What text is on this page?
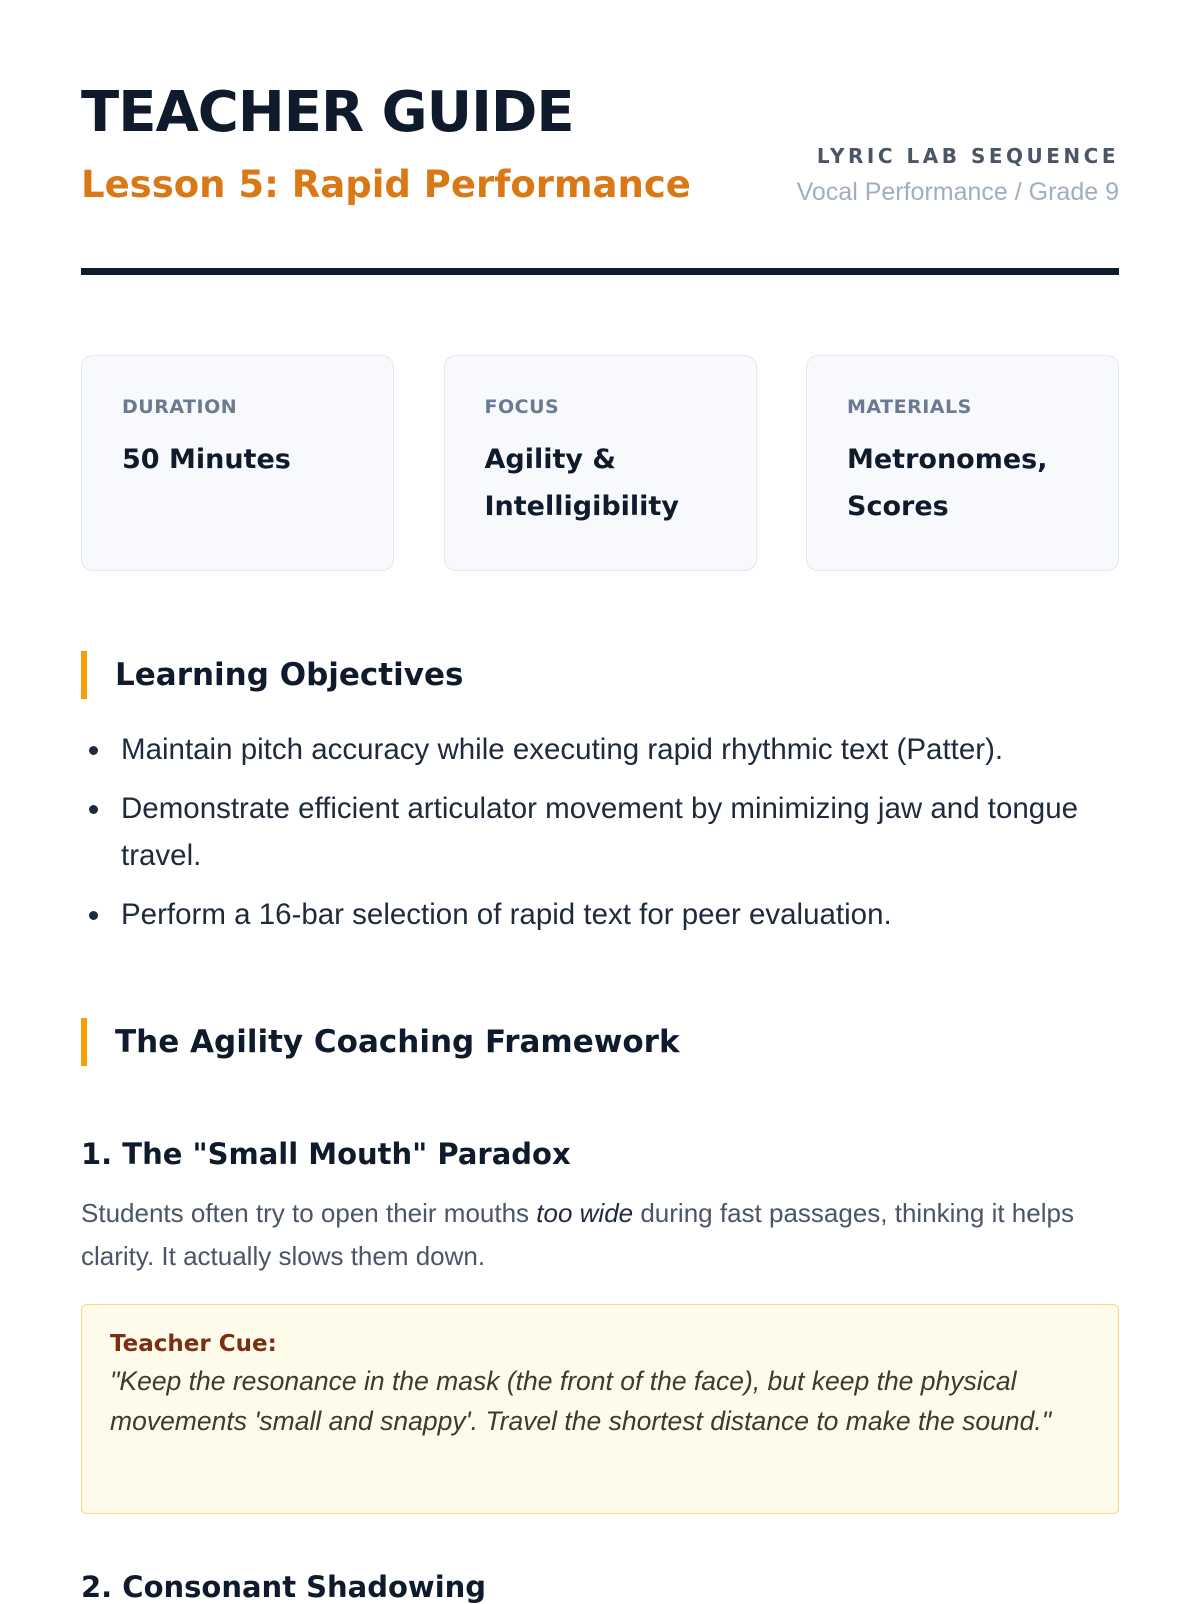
TEACHER GUIDE
Lesson 5: Rapid Performance
LYRIC LAB SEQUENCE
Vocal Performance / Grade 9
DURATION
50 Minutes
FOCUS
Agility & Intelligibility
MATERIALS
Metronomes, Scores
Learning Objectives
Maintain pitch accuracy while executing rapid rhythmic text (Patter).
Demonstrate efficient articulator movement by minimizing jaw and tongue travel.
Perform a 16-bar selection of rapid text for peer evaluation.
The Agility Coaching Framework
1. The "Small Mouth" Paradox

Students often try to open their mouths too wide during fast passages, thinking it helps clarity. It actually slows them down.

Teacher Cue:
"Keep the resonance in the mask (the front of the face), but keep the physical movements 'small and snappy'. Travel the shortest distance to make the sound."
2. Consonant Shadowing
